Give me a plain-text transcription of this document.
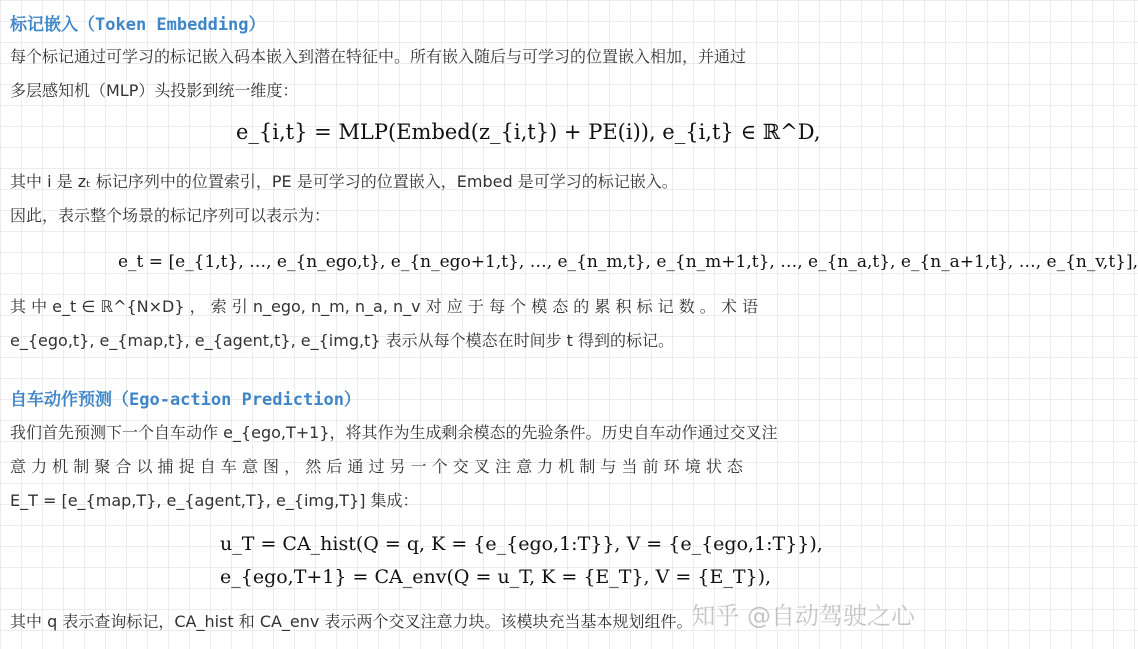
标记嵌入（Token Embedding）
每个标记通过可学习的标记嵌入码本嵌入到潜在特征中。所有嵌入随后与可学习的位置嵌入相加，并通过
多层感知机（MLP）头投影到统一维度：
e_{i,t} = MLP(Embed(z_{i,t}) + PE(i)), e_{i,t} ∈ ℝ^D,
其中 i 是 zₜ 标记序列中的位置索引，PE 是可学习的位置嵌入，Embed 是可学习的标记嵌入。
因此，表示整个场景的标记序列可以表示为：
e_t = [e_{1,t}, …, e_{n_ego,t}, e_{n_ego+1,t}, …, e_{n_m,t}, e_{n_m+1,t}, …, e_{n_a,t}, e_{n_a+1,t}, …, e_{n_v,t}],
其 中 e_t ∈ ℝ^{N×D} ， 索 引 n_ego, n_m, n_a, n_v 对 应 于 每 个 模 态 的 累 积 标 记 数 。 术 语
e_{ego,t}, e_{map,t}, e_{agent,t}, e_{img,t} 表示从每个模态在时间步 t 得到的标记。
自车动作预测（Ego-action Prediction）
我们首先预测下一个自车动作 e_{ego,T+1}，将其作为生成剩余模态的先验条件。历史自车动作通过交叉注
意 力 机 制 聚 合 以 捕 捉 自 车 意 图 ， 然 后 通 过 另 一 个 交 叉 注 意 力 机 制 与 当 前 环 境 状 态
E_T = [e_{map,T}, e_{agent,T}, e_{img,T}] 集成：
u_T = CA_hist(Q = q, K = {e_{ego,1:T}}, V = {e_{ego,1:T}}),
e_{ego,T+1} = CA_env(Q = u_T, K = {E_T}, V = {E_T}),
其中 q 表示查询标记，CA_hist 和 CA_env 表示两个交叉注意力块。该模块充当基本规划组件。
知乎 @自动驾驶之心
